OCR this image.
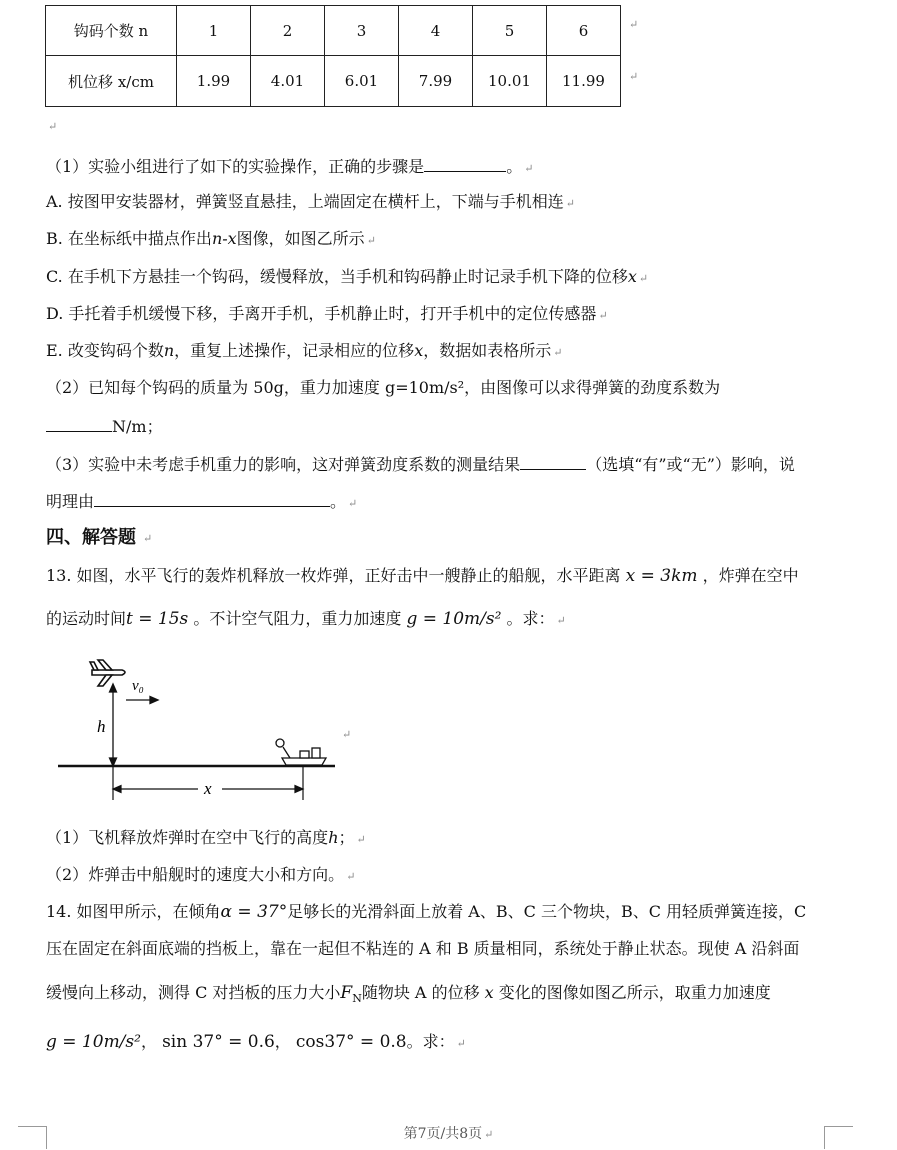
钩码个数 n	1	2	3	4	5	6
机位移 x/cm	1.99	4.01	6.01	7.99	10.01	11.99
↵
↵
↵
（1）实验小组进行了如下的实验操作，正确的步骤是	。 ↵
A. 按图甲安装器材，弹簧竖直悬挂，上端固定在横杆上，下端与手机相连 ↵
B. 在坐标纸中描点作出n-x图像，如图乙所示 ↵
C. 在手机下方悬挂一个钩码，缓慢释放，当手机和钩码静止时记录手机下降的位移x ↵
D. 手托着手机缓慢下移，手离开手机，手机静止时，打开手机中的定位传感器 ↵
E. 改变钩码个数n，重复上述操作，记录相应的位移x，数据如表格所示 ↵
（2）已知每个钩码的质量为 50g，重力加速度 g=10m/s²，由图像可以求得弹簧的劲度系数为
N/m；
（3）实验中未考虑手机重力的影响，这对弹簧劲度系数的测量结果	（选填“有”或“无”）影响，说
明理由	。 ↵
四、解答题 ↵
13. 如图，水平飞行的轰炸机释放一枚炸弹，正好击中一艘静止的船舰，水平距离 x = 3km ，炸弹在空中
的运动时间t = 15s 。不计空气阻力，重力加速度 g = 10m/s² 。求： ↵
v₀
h
x
↵
（1）飞机释放炸弹时在空中飞行的高度h； ↵
（2）炸弹击中船舰时的速度大小和方向。 ↵
14. 如图甲所示，在倾角α = 37°足够长的光滑斜面上放着 A、B、C 三个物块，B、C 用轻质弹簧连接，C
压在固定在斜面底端的挡板上，靠在一起但不粘连的 A 和 B 质量相同，系统处于静止状态。现使 A 沿斜面
缓慢向上移动，测得 C 对挡板的压力大小$F_N$随物块 A 的位移 x 变化的图像如图乙所示，取重力加速度
g = 10m/s²， sin 37° = 0.6， cos37° = 0.8。求： ↵
第7页/共8页 ↵
